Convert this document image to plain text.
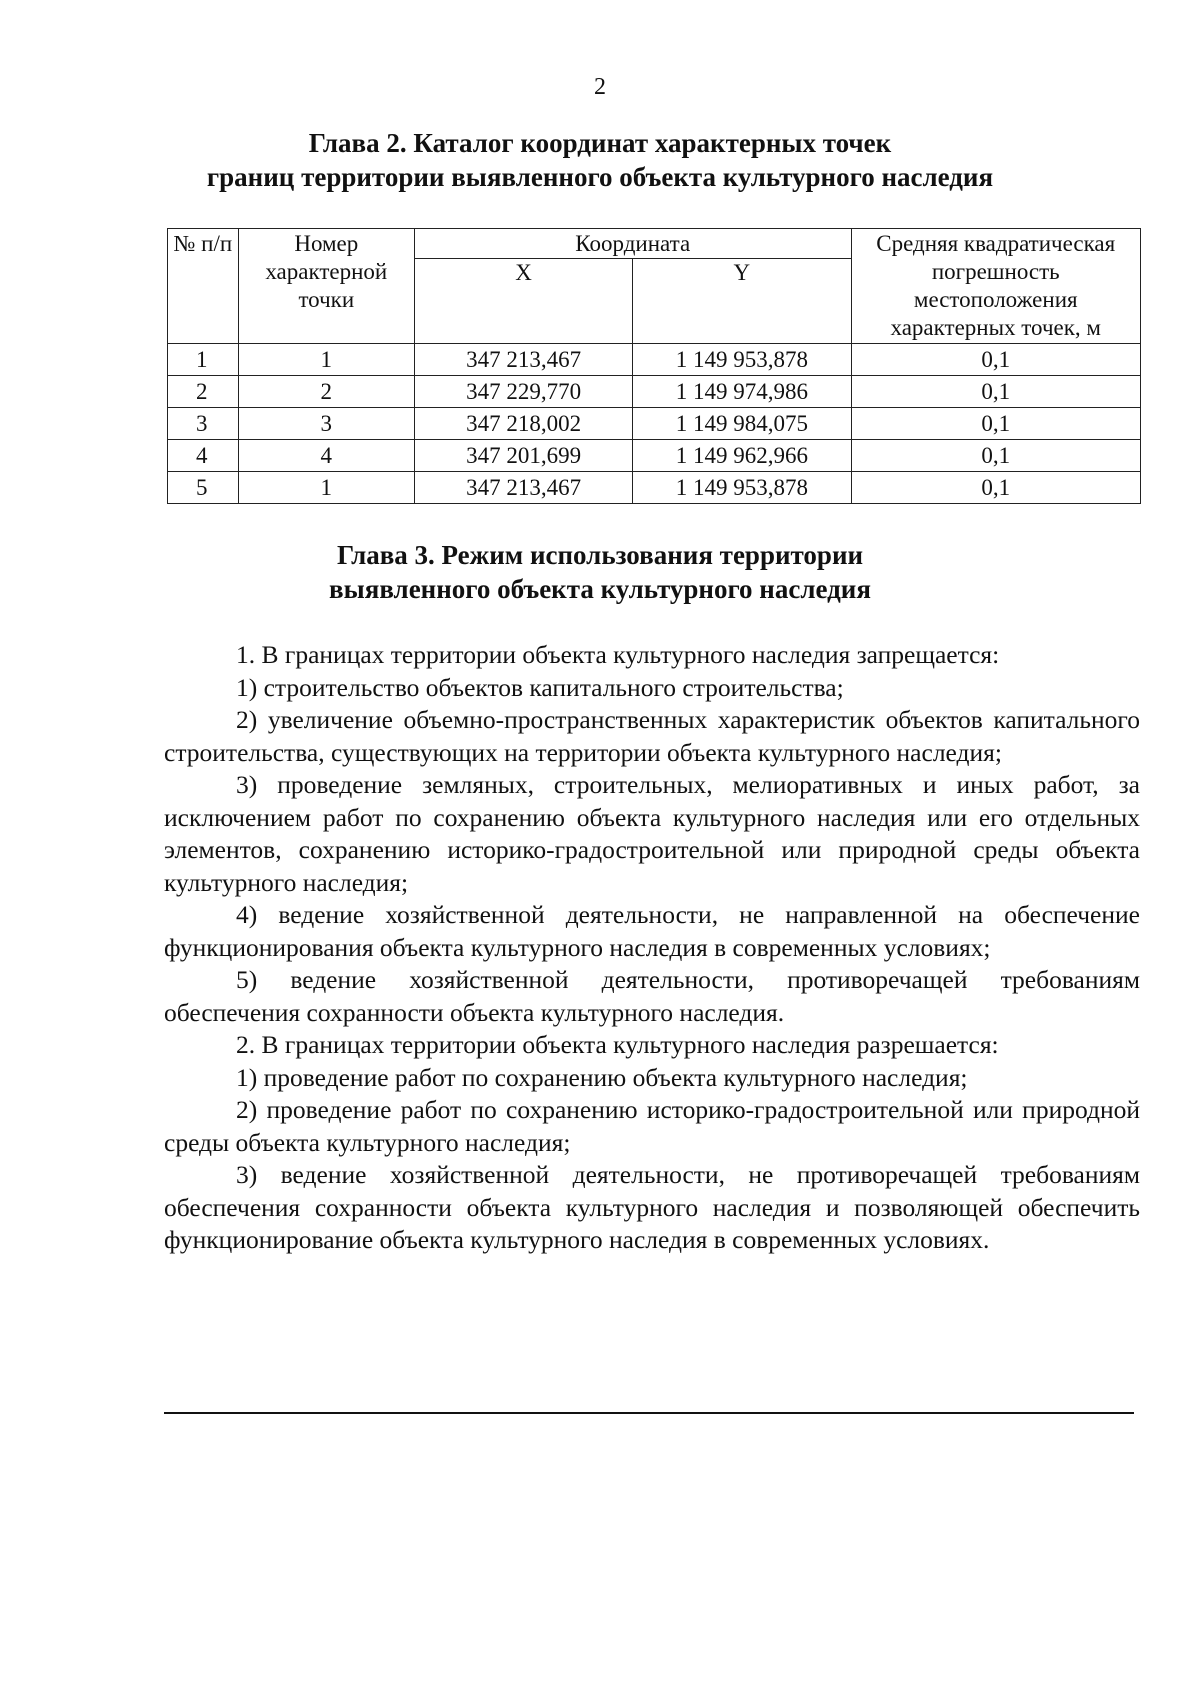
2
Глава 2. Каталог координат характерных точек
границ территории выявленного объекта культурного наследия
№ п/п	Номер характерной точки	Координата		Средняя квадратическая погрешность местоположения характерных точек, м
		X	Y	
1	1	347 213,467	1 149 953,878	0,1
2	2	347 229,770	1 149 974,986	0,1
3	3	347 218,002	1 149 984,075	0,1
4	4	347 201,699	1 149 962,966	0,1
5	1	347 213,467	1 149 953,878	0,1
Глава 3. Режим использования территории
выявленного объекта культурного наследия

1. В границах территории объекта культурного наследия запрещается:

1) строительство объектов капитального строительства;

2) увеличение объемно-пространственных характеристик объектов капитального строительства, существующих на территории объекта культурного наследия;

3) проведение земляных, строительных, мелиоративных и иных работ, за исключением работ по сохранению объекта культурного наследия или его отдельных элементов, сохранению историко-градостроительной или природной среды объекта культурного наследия;

4) ведение хозяйственной деятельности, не направленной на обеспечение функционирования объекта культурного наследия в современных условиях;

5) ведение хозяйственной деятельности, противоречащей требованиям обеспечения сохранности объекта культурного наследия.

2. В границах территории объекта культурного наследия разрешается:

1) проведение работ по сохранению объекта культурного наследия;

2) проведение работ по сохранению историко-градостроительной или природной среды объекта культурного наследия;

3) ведение хозяйственной деятельности, не противоречащей требованиям обеспечения сохранности объекта культурного наследия и позволяющей обеспечить функционирование объекта культурного наследия в современных условиях.
